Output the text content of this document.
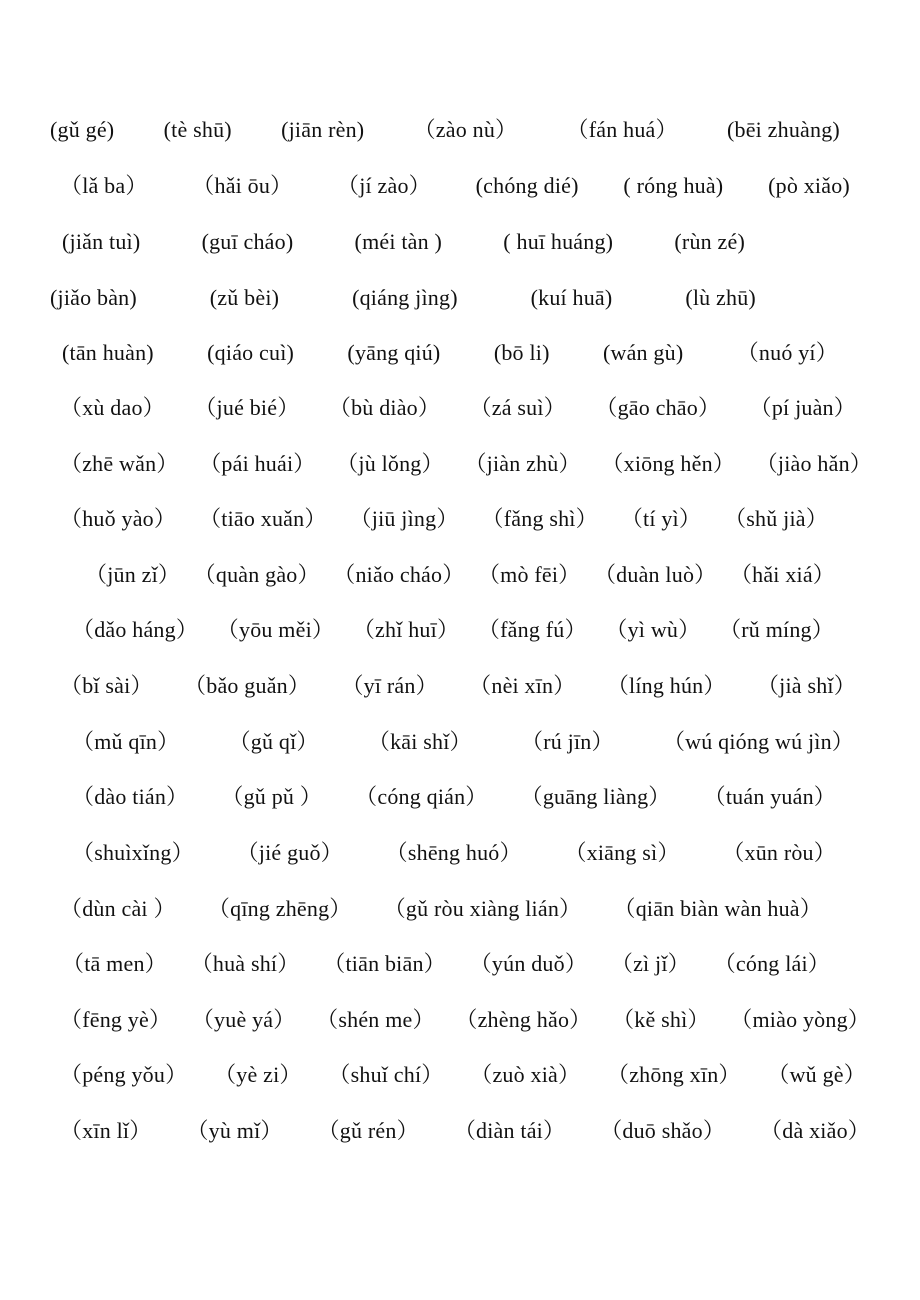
(gǔ gé) (tè shū) (jiān rèn) （zào nù） （fán huá） (bēi zhuàng)
（lǎ ba） （hǎi ōu） （jí zào） (chóng dié) ( róng huà) (pò xiǎo)
(jiǎn tuì)	(guī cháo)	(méi tàn )	( huī huáng)	(rùn zé)
(jiǎo bàn)	(zǔ bèi)	(qiáng jìng)	(kuí huā)	(lù zhū)
(tān huàn) (qiáo cuì) (yāng qiú) (bō li) (wán gù) （nuó yí）
（xù dao） （jué bié） （bù diào） （zá suì） （gāo chāo） （pí juàn）
（zhē wǎn） （pái huái） （jù lǒng） （jiàn zhù） （xiōng hěn） （jiào hǎn）
（huǒ yào） （tiāo xuǎn） （jiū jìng） （fǎng shì） （tí yì） （shǔ jià）
（jūn zǐ） （quàn gào） （niǎo cháo） （mò fēi） （duàn luò） （hǎi xiá）
（dǎo háng） （yōu měi） （zhǐ huī） （fǎng fú） （yì wù） （rǔ míng）
（bǐ sài） （bǎo guǎn） （yī rán） （nèi xīn） （líng hún） （jià shǐ）
（mǔ qīn） （gǔ qǐ） （kāi shǐ） （rú jīn） （wú qióng wú jìn）
（dào tián） （gǔ pǔ ） （cóng qián） （guāng liàng） （tuán yuán）
（shuìxǐng） （jié guǒ） （shēng huó） （xiāng sì） （xūn ròu）
（dùn cài ） （qīng zhēng） （gǔ ròu xiàng lián） （qiān biàn wàn huà）
（tā men） （huà shí） （tiān biān） （yún duǒ） （zì jǐ） （cóng lái）
（fēng yè） （yuè yá） （shén me） （zhèng hǎo） （kě shì） （miào yòng）
（péng yǒu） （yè zi） （shuǐ chí） （zuò xià） （zhōng xīn） （wǔ gè）
（xīn lǐ） （yù mǐ） （gǔ rén） （diàn tái） （duō shǎo） （dà xiǎo）
